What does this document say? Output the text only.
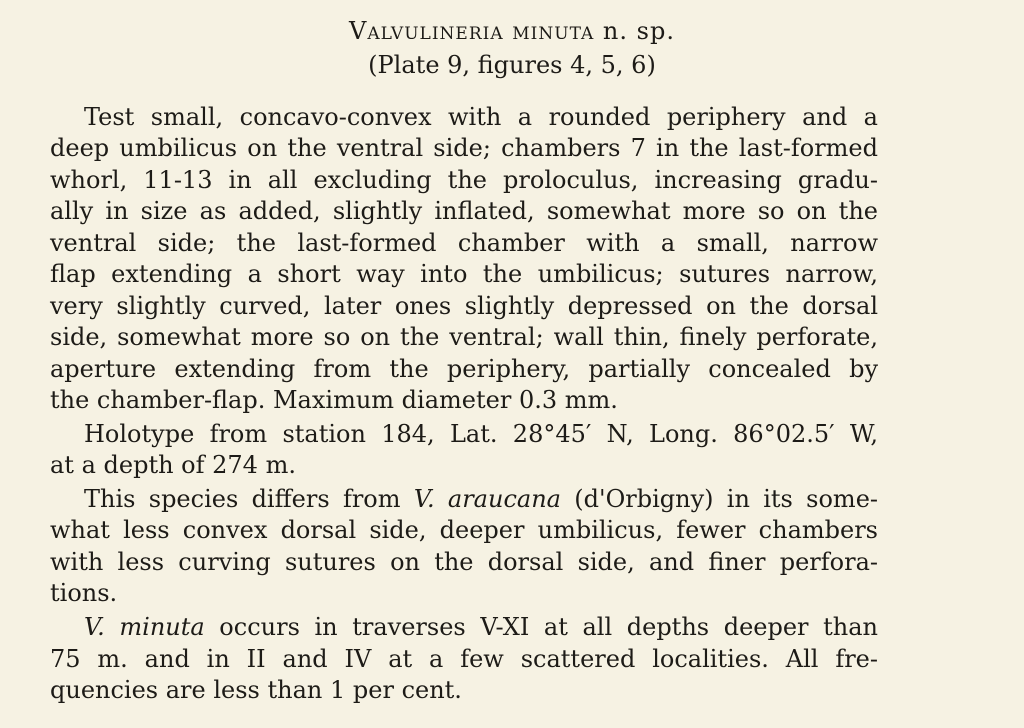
Valvulineria minuta n. sp.
(Plate 9, figures 4, 5, 6)
Test small, concavo-convex with a rounded periphery and a
deep umbilicus on the ventral side; chambers 7 in the last-formed
whorl, 11-13 in all excluding the proloculus, increasing gradu-
ally in size as added, slightly inflated, somewhat more so on the
ventral side; the last-formed chamber with a small, narrow
flap extending a short way into the umbilicus; sutures narrow,
very slightly curved, later ones slightly depressed on the dorsal
side, somewhat more so on the ventral; wall thin, finely perforate,
aperture extending from the periphery, partially concealed by
the chamber-flap. Maximum diameter 0.3 mm.
Holotype from station 184, Lat. 28°45′ N, Long. 86°02.5′ W,
at a depth of 274 m.
This species differs from V. araucana (d'Orbigny) in its some-
what less convex dorsal side, deeper umbilicus, fewer chambers
with less curving sutures on the dorsal side, and finer perfora-
tions.
V. minuta occurs in traverses V-XI at all depths deeper than
75 m. and in II and IV at a few scattered localities. All fre-
quencies are less than 1 per cent.
